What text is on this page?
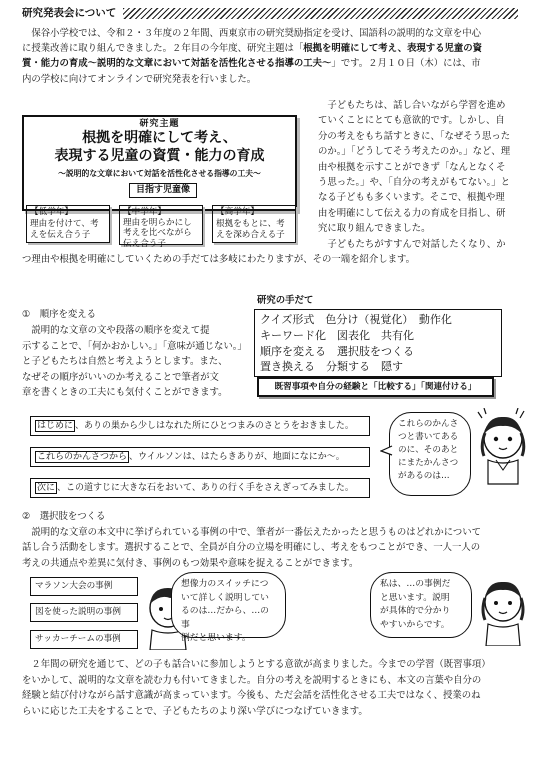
研究発表会について
保谷小学校では、令和２・３年度の２年間、西東京市の研究奨励指定を受け、国語科の説明的な文章を中心
に授業改善に取り組んできました。２年目の今年度、研究主題は「根拠を明確にして考え、表現する児童の資
質・能力の育成～説明的な文章において対話を活性化させる指導の工夫～」です。２月１０日（木）には、市
内の学校に向けてオンラインで研究発表を行いました。
研究主題
根拠を明確にして考え、
表現する児童の資質・能力の育成
～説明的な文章において対話を活性化させる指導の工夫～
目指す児童像
【低学年】
理由を付けて、考
えを伝え合う子
【中学年】
理由を明らかにし
考えを比べながら
伝え合う子
【高学年】
根拠をもとに、考
えを深め合える子
子どもたちは、話し合いながら学習を進め
ていくことにとても意欲的です。しかし、自
分の考えをもち話すときに、「なぜそう思った
のか。」「どうしてそう考えたのか。」など、理
由や根拠を示すことができず「なんとなくそ
う思った。」や、「自分の考えがもてない。」と
なる子どもも多くいます。そこで、根拠や理
由を明確にして伝える力の育成を目指し、研
究に取り組んできました。
子どもたちがすすんで対話したくなり、か
つ理由や根拠を明確にしていくための手だては多岐にわたりますが、その一端を紹介します。
①　順序を変える
説明的な文章の文や段落の順序を変えて提
示することで、「何かおかしい。」「意味が通じない。」
と子どもたちは自然と考えようとします。また、
なぜその順序がいいのか考えることで筆者が文
章を書くときの工夫にも気付くことができます。
研究の手だて
クイズ形式　色分け（視覚化）　動作化
キーワード化　図表化　共有化
順序を変える　選択肢をつくる
置き換える　分類する　隠す
既習事項や自分の経験と「比較する」「関連付ける」
はじめに 、ありの巣から少しはなれた所にひとつまみのさとうをおきました。
これらのかんさつから 、ウイルソンは、はたらきありが、地面になにか～。
次に 、この道すじに大きな石をおいて、ありの行く手をさえぎってみました。
これらのかんさ
つと書いてある
のに、そのあと
にまたかんさつ
があるのは…
②　選択肢をつくる
説明的な文章の本文中に挙げられている事例の中で、筆者が一番伝えたかったと思うものはどれかについて
話し合う活動をします。選択することで、全員が自分の立場を明確にし、考えをもつことができ、一人一人の
考えの共通点や差異に気付き、事例のもつ効果や意味を捉えることができます。
マラソン大会の事例
図を使った説明の事例
サッカーチームの事例
想像力のスイッチにつ
いて詳しく説明してい
るのは…だから、…の事
例だと思います。
私は、…の事例だ
と思います。説明
が具体的で分かり
やすいからです。
２年間の研究を通じて、どの子も話合いに参加しようとする意欲が高まりました。今までの学習（既習事項）
をいかして、説明的な文章を読む力も付いてきました。自分の考えを説明するときにも、本文の言葉や自分の
経験と結び付けながら話す意識が高まっています。今後も、ただ会話を活性化させる工夫ではなく、授業のね
らいに応じた工夫をすることで、子どもたちのより深い学びにつなげていきます。
